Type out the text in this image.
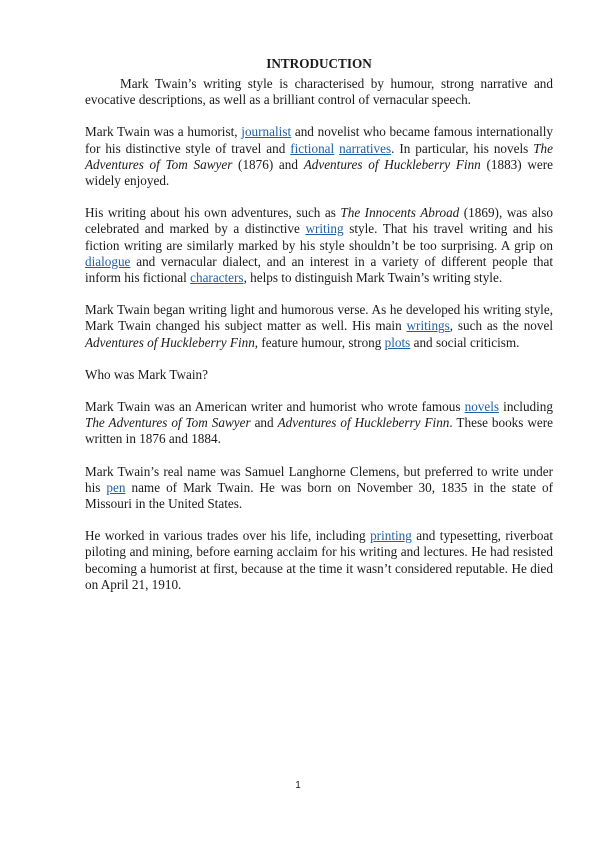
INTRODUCTION

Mark Twain’s writing style is characterised by humour, strong narrative and evocative descriptions, as well as a brilliant control of vernacular speech.

Mark Twain was a humorist, journalist and novelist who became famous internationally for his distinctive style of travel and fictional narratives. In particular, his novels The Adventures of Tom Sawyer (1876) and Adventures of Huckleberry Finn (1883) were widely enjoyed.

His writing about his own adventures, such as The Innocents Abroad (1869), was also celebrated and marked by a distinctive writing style. That his travel writing and his fiction writing are similarly marked by his style shouldn’t be too surprising. A grip on dialogue and vernacular dialect, and an interest in a variety of different people that inform his fictional characters, helps to distinguish Mark Twain’s writing style.

Mark Twain began writing light and humorous verse. As he developed his writing style, Mark Twain changed his subject matter as well. His main writings, such as the novel Adventures of Huckleberry Finn, feature humour, strong plots and social criticism.

Who was Mark Twain?

Mark Twain was an American writer and humorist who wrote famous novels including The Adventures of Tom Sawyer and Adventures of Huckleberry Finn. These books were written in 1876 and 1884.

Mark Twain’s real name was Samuel Langhorne Clemens, but preferred to write under his pen name of Mark Twain. He was born on November 30, 1835 in the state of Missouri in the United States.

He worked in various trades over his life, including printing and typesetting, riverboat piloting and mining, before earning acclaim for his writing and lectures. He had resisted becoming a humorist at first, because at the time it wasn’t considered reputable. He died on April 21, 1910.

1
